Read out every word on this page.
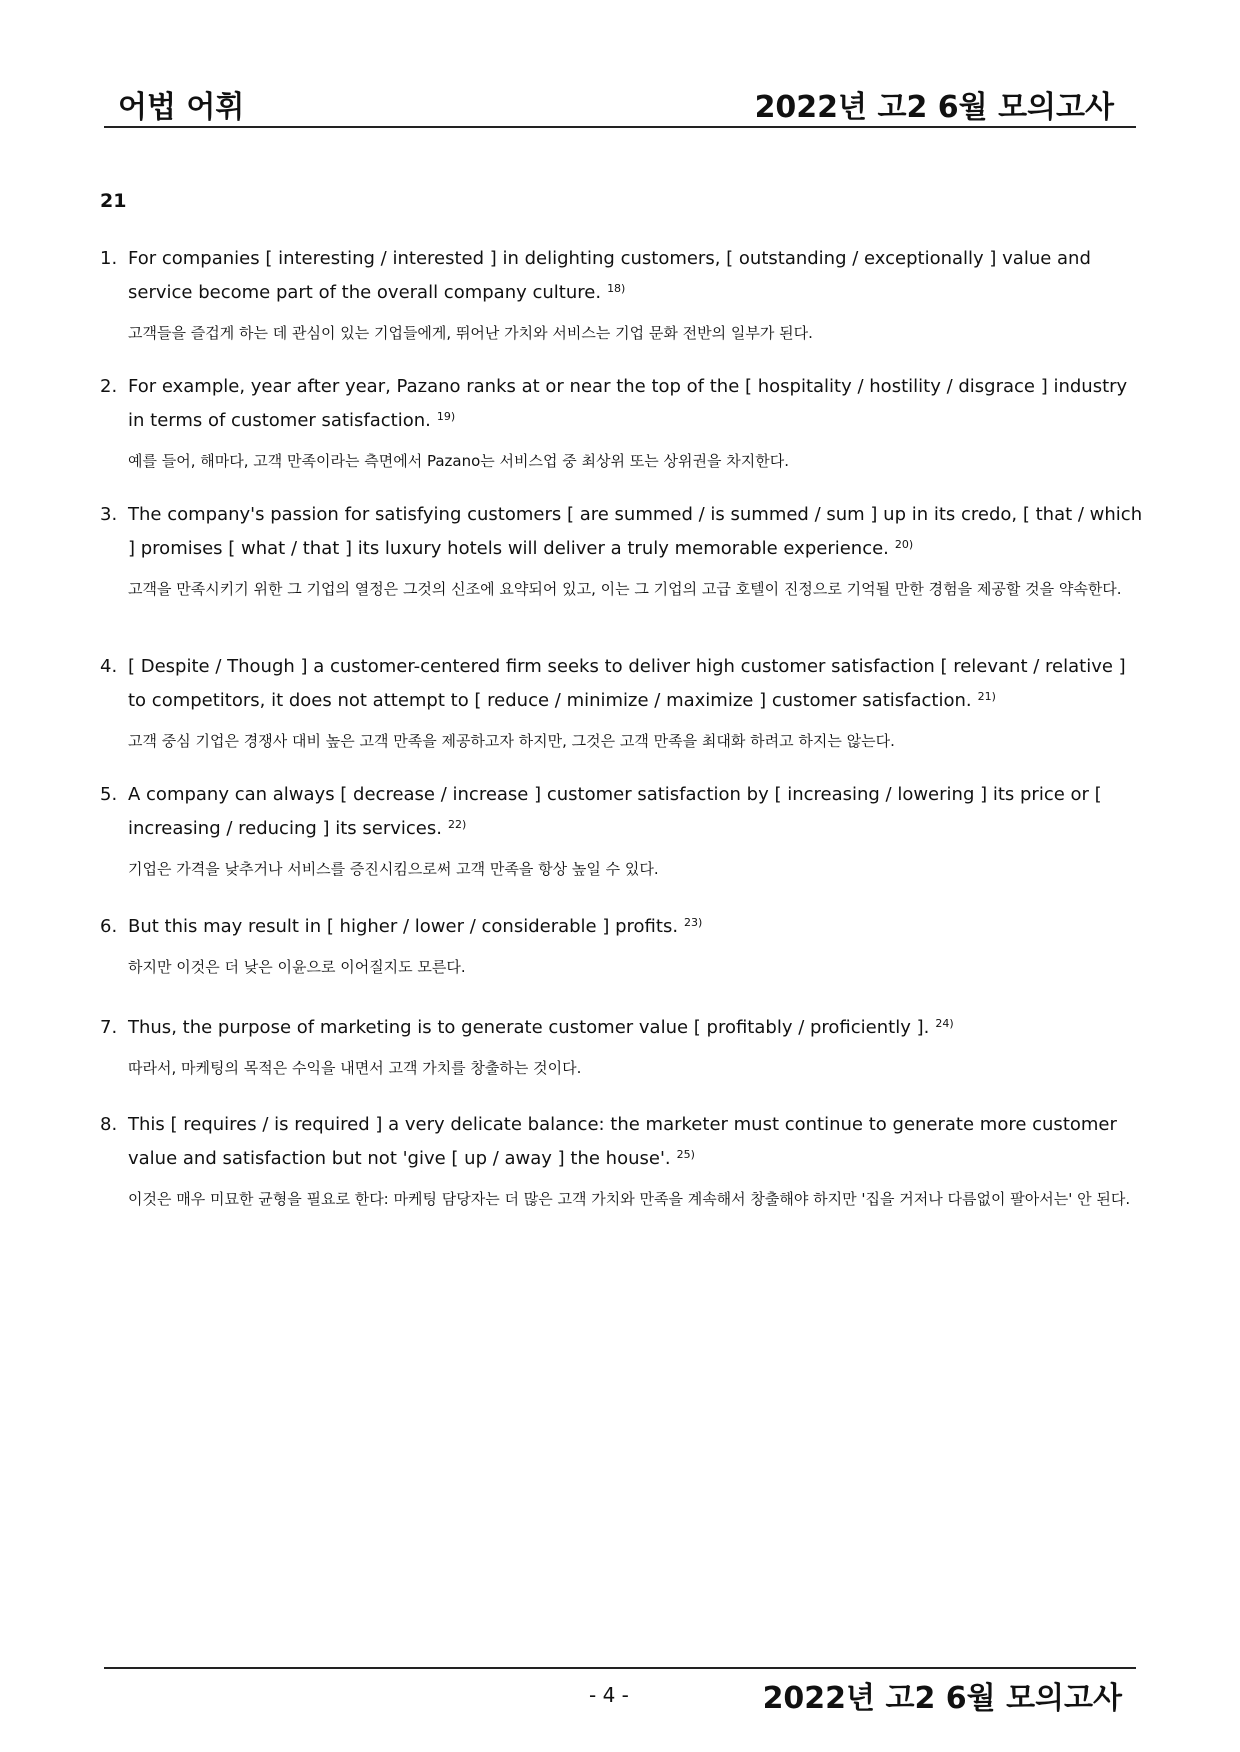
어법 어휘	2022년 고2 6월 모의고사
21

1. For companies [ interesting / interested ] in delighting customers, [ outstanding / exceptionally ] value and service become part of the overall company culture. $^{18)}$

고객들을 즐겁게 하는 데 관심이 있는 기업들에게, 뛰어난 가치와 서비스는 기업 문화 전반의 일부가 된다.

2. For example, year after year, Pazano ranks at or near the top of the [ hospitality / hostility / disgrace ] industry in terms of customer satisfaction. $^{19)}$

예를 들어, 해마다, 고객 만족이라는 측면에서 Pazano는 서비스업 중 최상위 또는 상위권을 차지한다.

3. The company's passion for satisfying customers [ are summed / is summed / sum ] up in its credo, [ that / which ] promises [ what / that ] its luxury hotels will deliver a truly memorable experience. $^{20)}$

고객을 만족시키기 위한 그 기업의 열정은 그것의 신조에 요약되어 있고, 이는 그 기업의 고급 호텔이 진정으로 기억될 만한 경험을 제공할 것을 약속한다.

4. [ Despite / Though ] a customer-centered firm seeks to deliver high customer satisfaction [ relevant / relative ] to competitors, it does not attempt to [ reduce / minimize / maximize ] customer satisfaction. $^{21)}$

고객 중심 기업은 경쟁사 대비 높은 고객 만족을 제공하고자 하지만, 그것은 고객 만족을 최대화 하려고 하지는 않는다.

5. A company can always [ decrease / increase ] customer satisfaction by [ increasing / lowering ] its price or [ increasing / reducing ] its services. $^{22)}$

기업은 가격을 낮추거나 서비스를 증진시킴으로써 고객 만족을 항상 높일 수 있다.

6. But this may result in [ higher / lower / considerable ] profits. $^{23)}$

하지만 이것은 더 낮은 이윤으로 이어질지도 모른다.

7. Thus, the purpose of marketing is to generate customer value [ profitably / proficiently ]. $^{24)}$

따라서, 마케팅의 목적은 수익을 내면서 고객 가치를 창출하는 것이다.

8. This [ requires / is required ] a very delicate balance: the marketer must continue to generate more customer value and satisfaction but not 'give [ up / away ] the house'. $^{25)}$

이것은 매우 미묘한 균형을 필요로 한다: 마케팅 담당자는 더 많은 고객 가치와 만족을 계속해서 창출해야 하지만 '집을 거저나 다름없이 팔아서는' 안 된다.

- 4 -	2022년 고2 6월 모의고사
